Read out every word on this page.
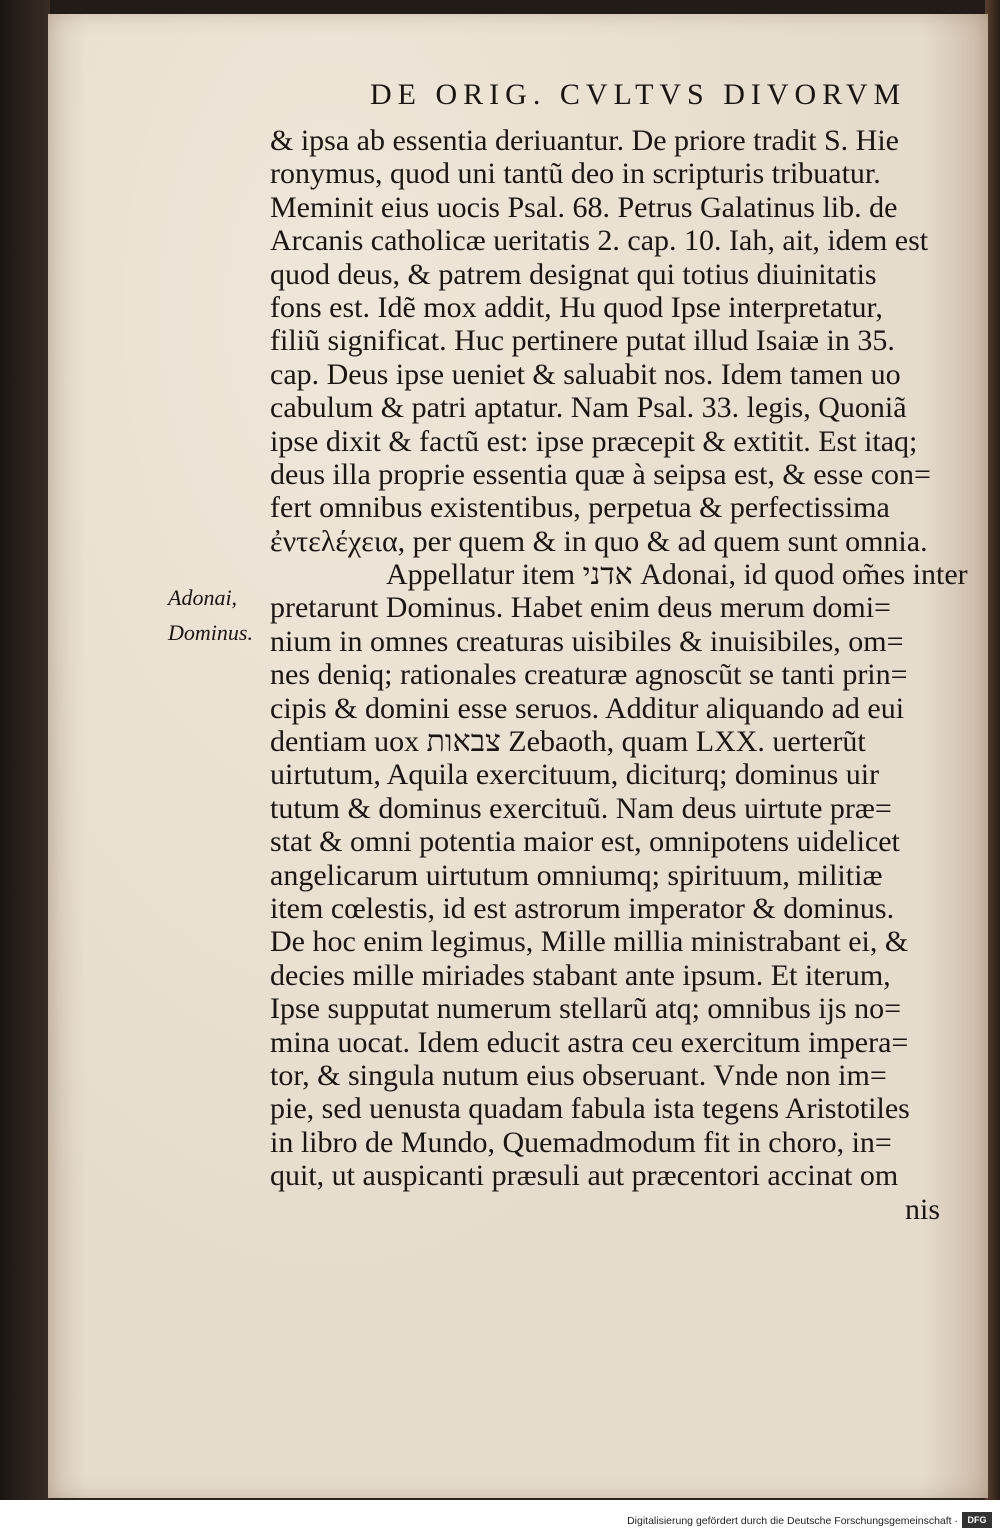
DE ORIG. CVLTVS DIVORVM
Adonai,
Dominus.
& ipsa ab essentia deriuantur. De priore tradit S. Hie
ronymus, quod uni tantũ deo in scripturis tribuatur.
Meminit eius uocis Psal. 68. Petrus Galatinus lib. de
Arcanis catholicæ ueritatis 2. cap. 10. Iah, ait, idem est
quod deus, & patrem designat qui totius diuinitatis
fons est. Idẽ mox addit, Hu quod Ipse interpretatur,
filiũ significat. Huc pertinere putat illud Isaiæ in 35.
cap. Deus ipse ueniet & saluabit nos. Idem tamen uo
cabulum & patri aptatur. Nam Psal. 33. legis, Quoniã
ipse dixit & factũ est: ipse præcepit & extitit. Est itaq;
deus illa proprie essentia quæ à seipsa est, & esse con=
fert omnibus existentibus, perpetua & perfectissima
ἐντελέχεια, per quem & in quo & ad quem sunt omnia.
Appellatur item אדני Adonai, id quod om̃es inter
pretarunt Dominus. Habet enim deus merum domi=
nium in omnes creaturas uisibiles & inuisibiles, om=
nes deniq; rationales creaturæ agnoscũt se tanti prin=
cipis & domini esse seruos. Additur aliquando ad eui
dentiam uox צבאות Zebaoth, quam LXX. uerterũt
uirtutum, Aquila exercituum, diciturq; dominus uir
tutum & dominus exercituũ. Nam deus uirtute præ=
stat & omni potentia maior est, omnipotens uidelicet
angelicarum uirtutum omniumq; spirituum, militiæ
item cœlestis, id est astrorum imperator & dominus.
De hoc enim legimus, Mille millia ministrabant ei, &
decies mille miriades stabant ante ipsum. Et iterum,
Ipse supputat numerum stellarũ atq; omnibus ijs no=
mina uocat. Idem educit astra ceu exercitum impera=
tor, & singula nutum eius obseruant. Vnde non im=
pie, sed uenusta quadam fabula ista tegens Aristotiles
in libro de Mundo, Quemadmodum fit in choro, in=
quit, ut auspicanti præsuli aut præcentori accinat om
nis
Digitalisierung gefördert durch die Deutsche Forschungsgemeinschaft ·	DFG
